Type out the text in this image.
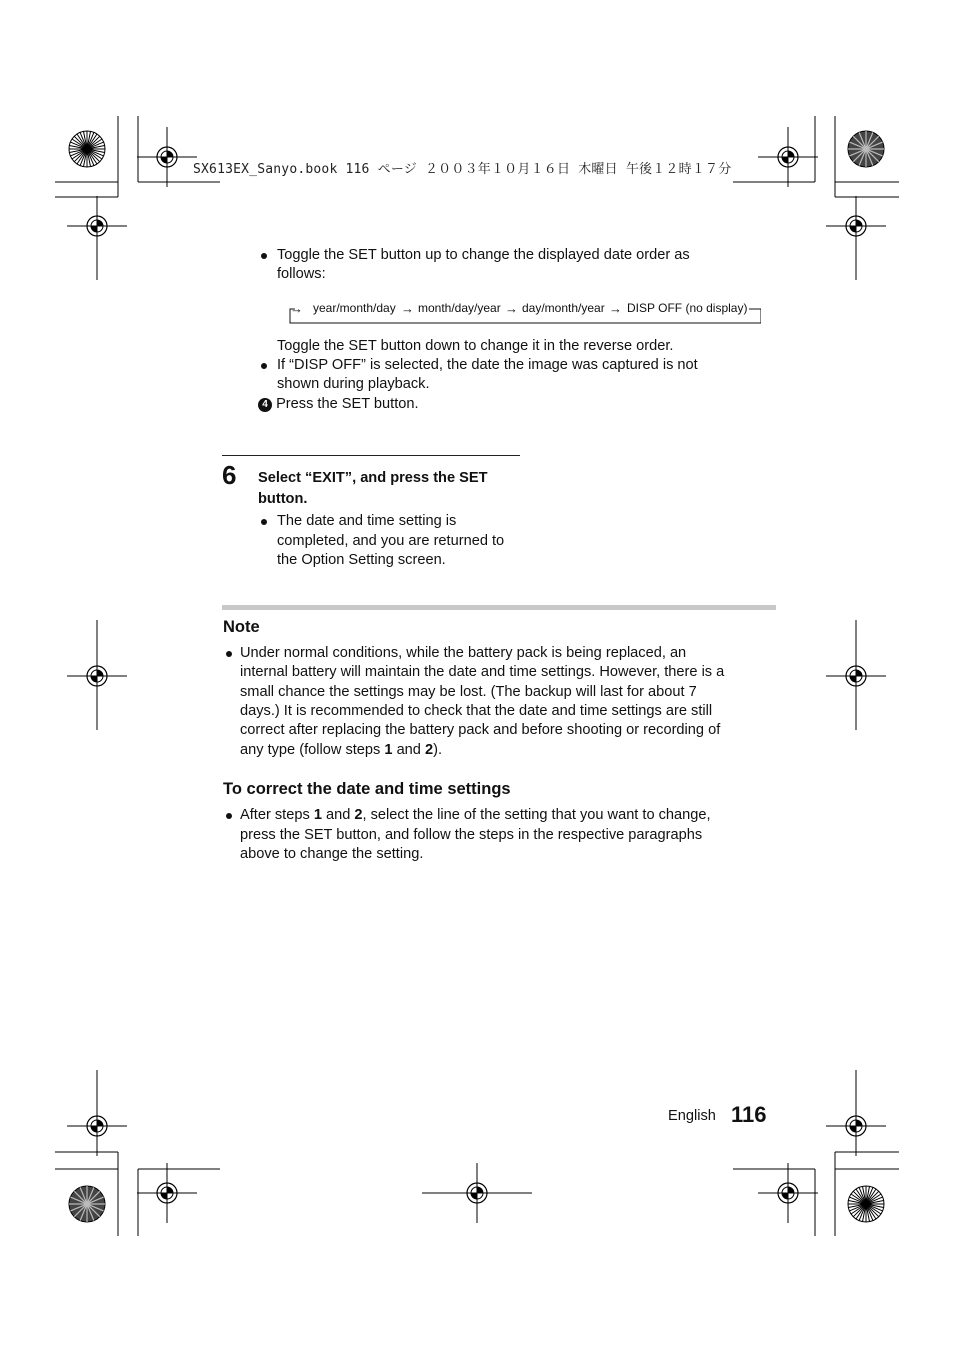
SX613EX_Sanyo.book 116 ページ ２００３年１０月１６日 木曜日 午後１２時１７分
Toggle the SET button up to change the displayed date order as
follows:
→ year/month/day → month/day/year → day/month/year → DISP OFF (no display)
Toggle the SET button down to change it in the reverse order.
If “DISP OFF” is selected, the date the image was captured is not
shown during playback.
4 Press the SET button.
6 Select “EXIT”, and press the SET
button.
The date and time setting is
completed, and you are returned to
the Option Setting screen.
Note
Under normal conditions, while the battery pack is being replaced, an
internal battery will maintain the date and time settings. However, there is a
small chance the settings may be lost. (The backup will last for about 7
days.) It is recommended to check that the date and time settings are still
correct after replacing the battery pack and before shooting or recording of
any type (follow steps 1 and 2).
To correct the date and time settings
After steps 1 and 2, select the line of the setting that you want to change,
press the SET button, and follow the steps in the respective paragraphs
above to change the setting.
English 116
